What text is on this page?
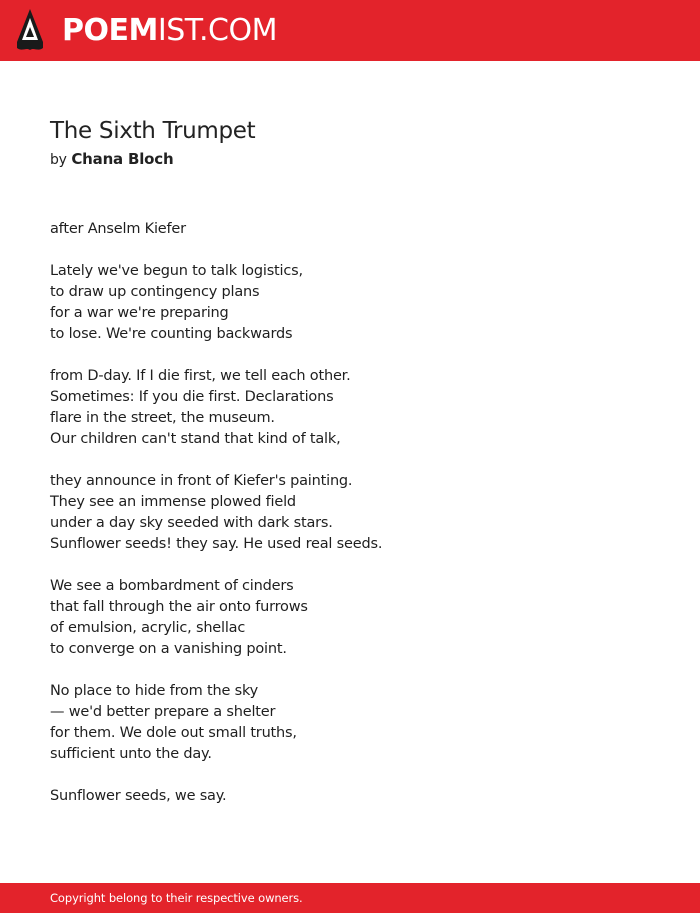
POEMIST.COM
The Sixth Trumpet
by Chana Bloch
after Anselm Kiefer
Lately we've begun to talk logistics,
to draw up contingency plans
for a war we're preparing
to lose. We're counting backwards
from D-day. If I die first, we tell each other.
Sometimes: If you die first. Declarations
flare in the street, the museum.
Our children can't stand that kind of talk,
they announce in front of Kiefer's painting.
They see an immense plowed field
under a day sky seeded with dark stars.
Sunflower seeds! they say. He used real seeds.
We see a bombardment of cinders
that fall through the air onto furrows
of emulsion, acrylic, shellac
to converge on a vanishing point.
No place to hide from the sky
— we'd better prepare a shelter
for them. We dole out small truths,
sufficient unto the day.
Sunflower seeds, we say.
Copyright belong to their respective owners.
